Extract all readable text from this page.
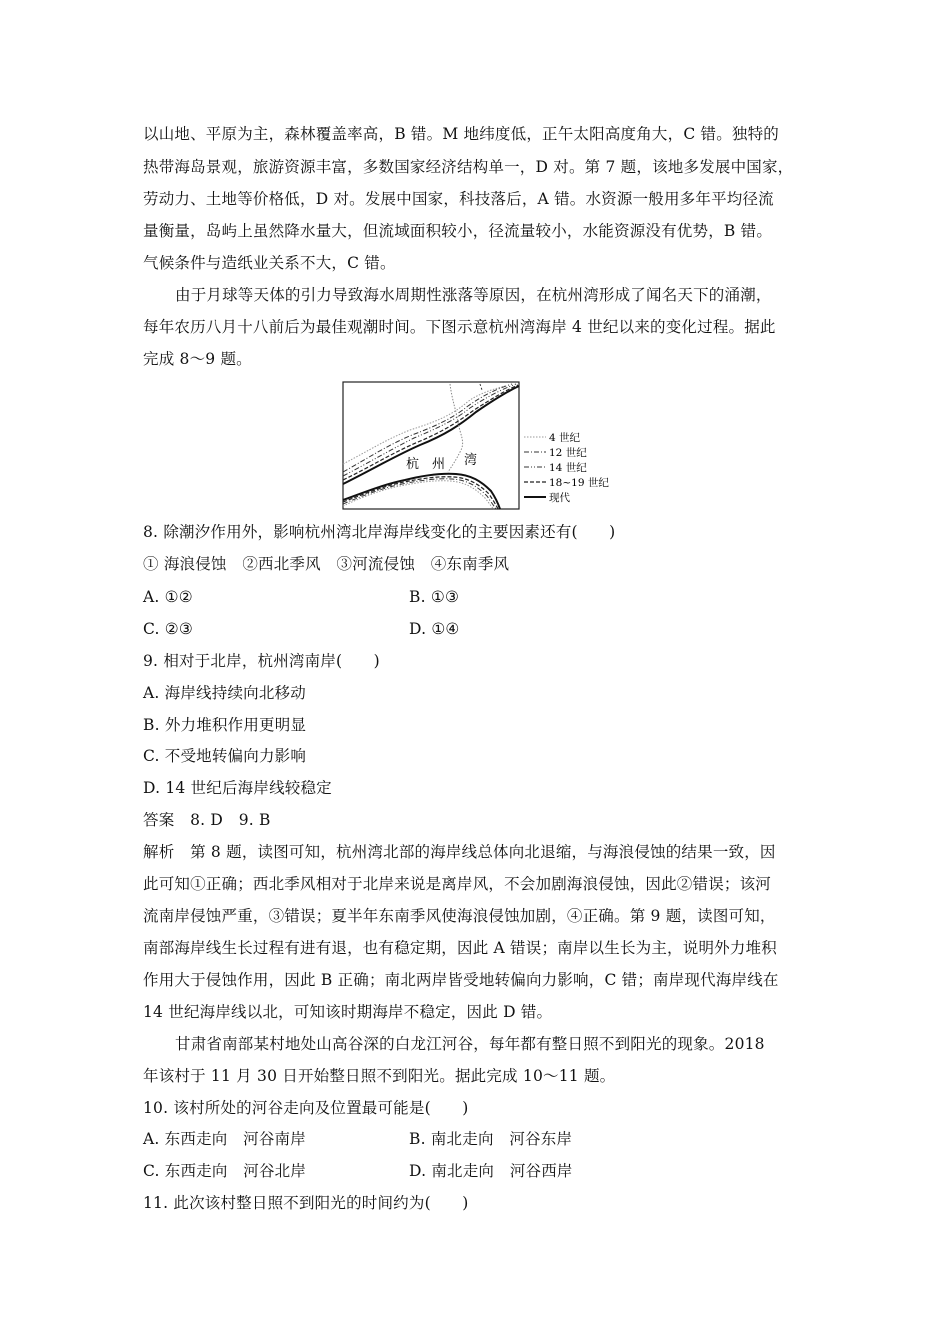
以山地、平原为主，森林覆盖率高，B 错。M 地纬度低，正午太阳高度角大，C 错。独特的
热带海岛景观，旅游资源丰富，多数国家经济结构单一，D 对。第 7 题，该地多发展中国家，
劳动力、土地等价格低，D 对。发展中国家，科技落后，A 错。水资源一般用多年平均径流
量衡量，岛屿上虽然降水量大，但流域面积较小，径流量较小，水能资源没有优势，B 错。
气候条件与造纸业关系不大，C 错。
由于月球等天体的引力导致海水周期性涨落等原因，在杭州湾形成了闻名天下的涌潮，
每年农历八月十八前后为最佳观潮时间。下图示意杭州湾海岸 4 世纪以来的变化过程。据此
完成 8～9 题。
杭　州 湾
4 世纪
12 世纪
14 世纪
18~19 世纪
现代
8. 除潮汐作用外，影响杭州湾北岸海岸线变化的主要因素还有(　　)
① 海浪侵蚀　②西北季风　③河流侵蚀　④东南季风
A. ①②	B. ①③
C. ②③	D. ①④
9. 相对于北岸，杭州湾南岸(　　)
A. 海岸线持续向北移动
B. 外力堆积作用更明显
C. 不受地转偏向力影响
D. 14 世纪后海岸线较稳定
答案　8. D　9. B
解析　第 8 题，读图可知，杭州湾北部的海岸线总体向北退缩，与海浪侵蚀的结果一致，因
此可知①正确；西北季风相对于北岸来说是离岸风，不会加剧海浪侵蚀，因此②错误；该河
流南岸侵蚀严重，③错误；夏半年东南季风使海浪侵蚀加剧，④正确。第 9 题，读图可知，
南部海岸线生长过程有进有退，也有稳定期，因此 A 错误；南岸以生长为主，说明外力堆积
作用大于侵蚀作用，因此 B 正确；南北两岸皆受地转偏向力影响，C 错；南岸现代海岸线在
14 世纪海岸线以北，可知该时期海岸不稳定，因此 D 错。
甘肃省南部某村地处山高谷深的白龙江河谷，每年都有整日照不到阳光的现象。2018
年该村于 11 月 30 日开始整日照不到阳光。据此完成 10～11 题。
10. 该村所处的河谷走向及位置最可能是(　　)
A. 东西走向　河谷南岸	B. 南北走向　河谷东岸
C. 东西走向　河谷北岸	D. 南北走向　河谷西岸
11. 此次该村整日照不到阳光的时间约为(　　)
